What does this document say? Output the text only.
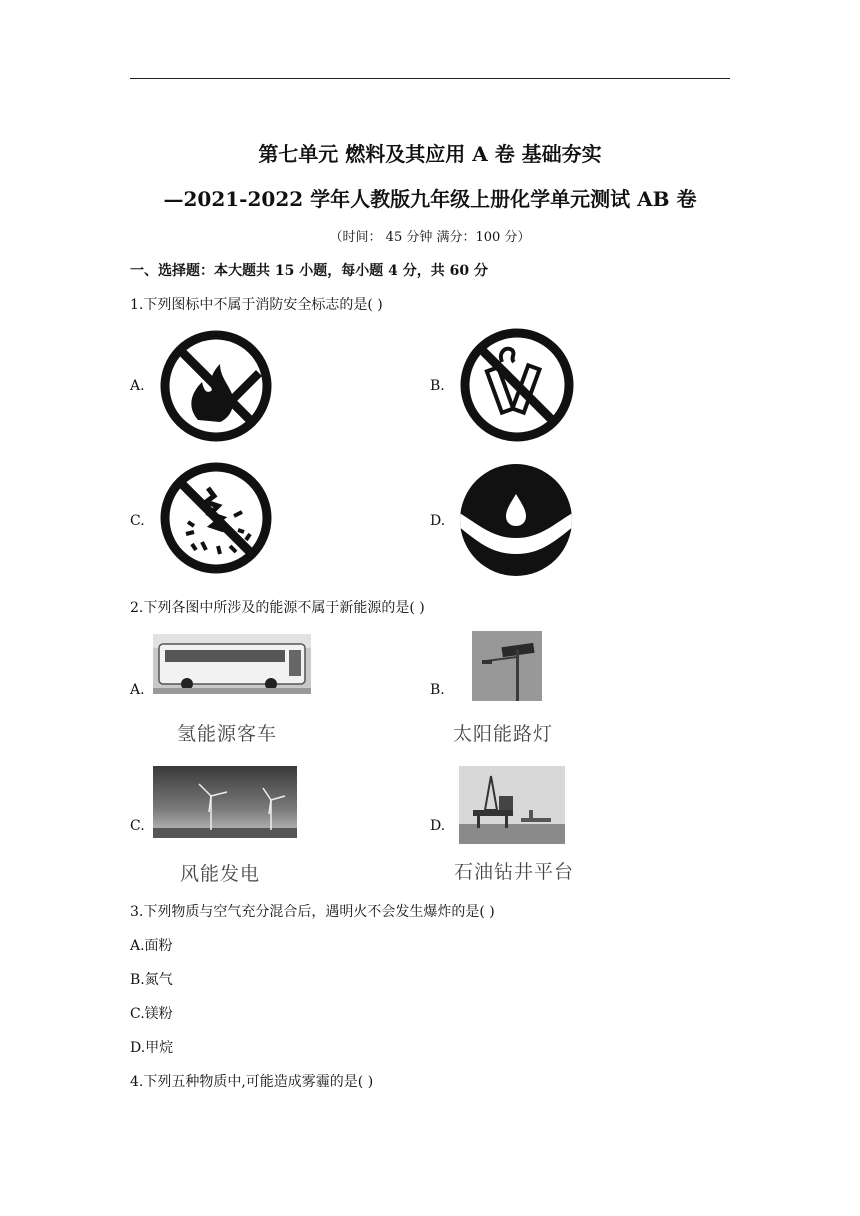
第七单元 燃料及其应用 A 卷 基础夯实
—2021-2022 学年人教版九年级上册化学单元测试 AB 卷
（时间： 45 分钟 满分：100 分）
一、选择题：本大题共 15 小题，每小题 4 分，共 60 分
1.下列图标中不属于消防安全标志的是( )
A.	B.
C.	D.
2.下列各图中所涉及的能源不属于新能源的是( )
A.
氢能源客车
B.
太阳能路灯
C.
风能发电
D.
石油钻井平台
3.下列物质与空气充分混合后，遇明火不会发生爆炸的是( )
A.面粉
B.氮气
C.镁粉
D.甲烷
4.下列五种物质中,可能造成雾霾的是( )
